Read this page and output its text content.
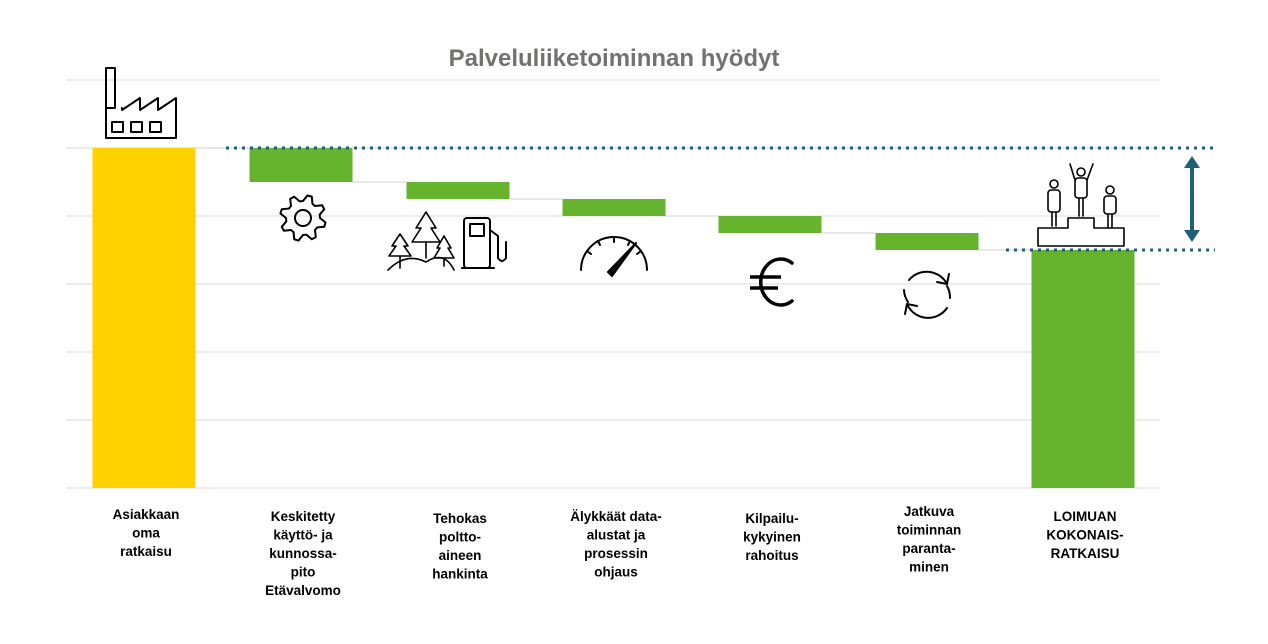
Palveluliiketoiminnan hyödyt
Asiakkaan oma ratkaisu
Keskitetty käyttö- ja kunnossa-pito Etävalvomo
Tehokas poltto-aineen hankinta
Älykkäät data-alustat ja prosessin ohjaus
Kilpailu-kykyinen rahoitus
Jatkuva toiminnan paranta-minen
LOIMUAN KOKONAIS-RATKAISU
